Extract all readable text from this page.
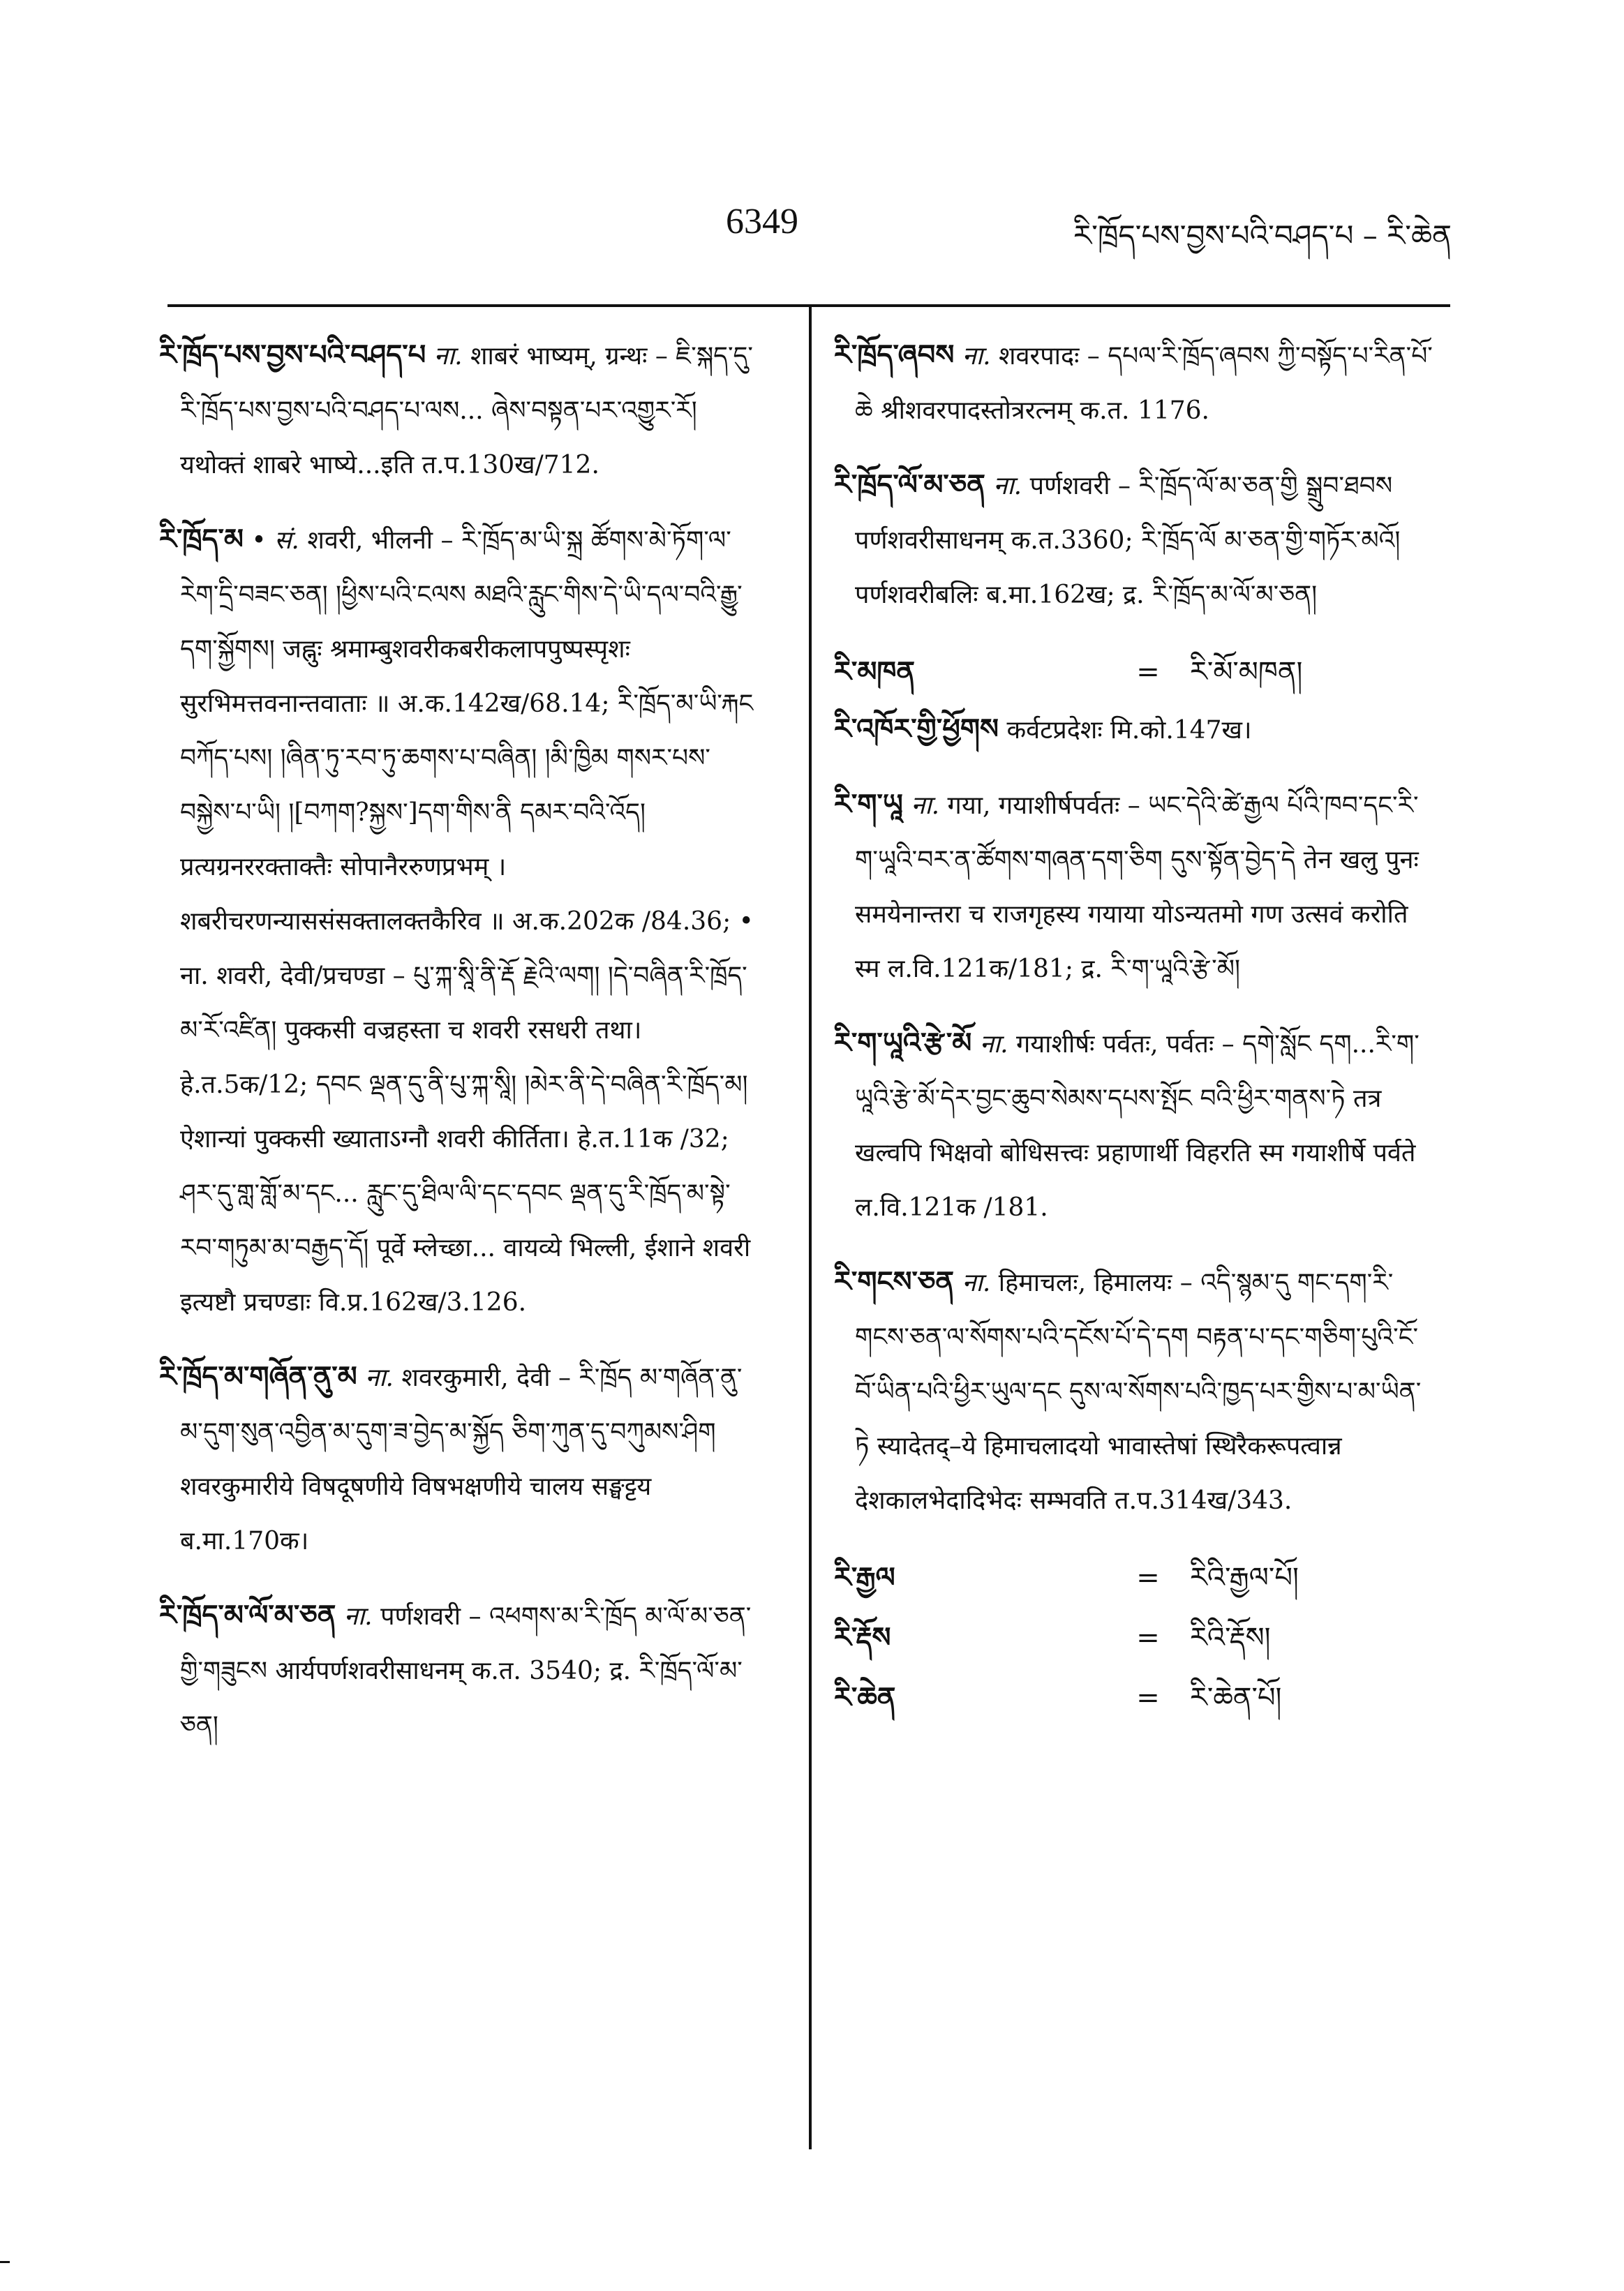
6349	རི་ཁྲོད་པས་བྱས་པའི་བཤད་པ – རི་ཆེན

རི་ཁྲོད་པས་བྱས་པའི་བཤད་པ ना. शाबरं भाष्यम्, ग्रन्थः – ཇི་སྐད་དུ་རི་ཁྲོད་པས་བྱས་པའི་བཤད་པ་ལས... ཞེས་བསྟན་པར་འགྱུར་རོ། यथोक्तं शाबरे भाष्ये...इति त.प.130ख/712.

རི་ཁྲོད་མ • सं. शवरी, भीलनी – རི་ཁྲོད་མ་ཡི་སྐྲ ཚོགས་མེ་ཏོག་ལ་རེག་དྲི་བཟང་ཅན། །ཕྱིས་པའི་ངལས མཐའི་རླུང་གིས་དེ་ཡི་དལ་བའི་རྒྱུ་དག་སྐྱོགས། जह्नुः श्रमाम्बुशवरीकबरीकलापपुष्पस्पृशः सुरभिमत्तवनान्तवाताः ॥ अ.क.142ख/68.14; རི་ཁྲོད་མ་ཡི་རྐང བཀོད་པས། །ཞིན་ཏུ་རབ་ཏུ་ཆགས་པ་བཞིན། །མི་ཁྱིམ གསར་པས་བསྐྱེས་པ་ཡི། །[བཀག?སྐྱས་]དག་གིས་ནི དམར་བའི་འོད། प्रत्यग्रनररक्ताक्तैः सोपानैररुणप्रभम् । शबरीचरणन्याससंसक्तालक्तकैरिव ॥ अ.क.202क /84.36; • ना. शवरी, देवी/प्रचण्डा – པུ་ཀྐ་སཱི་ནི་རྡོ རྗེའི་ལག། །དེ་བཞིན་རི་ཁྲོད་མ་རོ་འཛིན། पुक्कसी वज्रहस्ता च शवरी रसधरी तथा। हे.त.5क/12; དབང ལྡན་དུ་ནི་པུ་ཀྐ་སཱི། །མེར་ནི་དེ་བཞིན་རི་ཁྲོད་མ། ऐशान्यां पुक्कसी ख्याताऽग्नौ शवरी कीर्तिता। हे.त.11क /32; ཤར་དུ་གླ་གློ་མ་དང... རླུང་དུ་ཐིལ་ལི་དང་དབང ལྡན་དུ་རི་ཁྲོད་མ་སྟེ་རབ་གཏུམ་མ་བརྒྱད་དོ། पूर्वे म्लेच्छा... वायव्ये भिल्ली, ईशाने शवरी इत्यष्टौ प्रचण्डाः वि.प्र.162ख/3.126.

རི་ཁྲོད་མ་གཞོན་ནུ་མ ना. शवरकुमारी, देवी – རི་ཁྲོད མ་གཞོན་ནུ་མ་དུག་སུན་འབྱིན་མ་དུག་ཟ་བྱེད་མ་སྐྱོད ཅིག་ཀུན་དུ་བཀུམས་ཤིག शवरकुमारीये विषदूषणीये विषभक्षणीये चालय सङ्घट्टय ब.मा.170क।

རི་ཁྲོད་མ་ལོ་མ་ཅན ना. पर्णशवरी – འཕགས་མ་རི་ཁྲོད མ་ལོ་མ་ཅན་གྱི་གཟུངས आर्यपर्णशवरीसाधनम् क.त. 3540; द्र. རི་ཁྲོད་ལོ་མ་ཅན།

རི་ཁྲོད་ཞབས ना. शवरपादः – དཔལ་རི་ཁྲོད་ཞབས ཀྱི་བསྟོད་པ་རིན་པོ་ཆེ श्रीशवरपादस्तोत्ररत्नम् क.त. 1176.

རི་ཁྲོད་ལོ་མ་ཅན ना. पर्णशवरी – རི་ཁྲོད་ལོ་མ་ཅན་གྱི སྒྲུབ་ཐབས पर्णशवरीसाधनम् क.त.3360; རི་ཁྲོད་ལོ མ་ཅན་གྱི་གཏོར་མའོ། पर्णशवरीबलिः ब.मा.162ख; द्र. རི་ཁྲོད་མ་ལོ་མ་ཅན།

རི་མཁན	=	རི་མོ་མཁན།

རི་འཁོར་གྱི་ཕྱོགས कर्वटप्रदेशः मि.को.147ख।

རི་ག་ཡཱ ना. गया, गयाशीर्षपर्वतः – ཡང་དེའི་ཚེ་རྒྱལ པོའི་ཁབ་དང་རི་ག་ཡཱའི་བར་ན་ཚོགས་གཞན་དག་ཅིག དུས་སྟོན་བྱེད་དེ तेन खलु पुनः समयेनान्तरा च राजगृहस्य गयाया योऽन्यतमो गण उत्सवं करोति स्म ल.वि.121क/181; द्र. རི་ག་ཡཱའི་རྩེ་མོ།

རི་ག་ཡཱའི་རྩེ་མོ ना. गयाशीर्षः पर्वतः, पर्वतः – དགེ་སློང དག...རི་ག་ཡཱའི་རྩེ་མོ་དེར་བྱང་ཆུབ་སེམས་དཔས་སྤོང བའི་ཕྱིར་གནས་ཏེ तत्र खल्वपि भिक्षवो बोधिसत्त्वः प्रहाणार्थी विहरति स्म गयाशीर्षे पर्वते ल.वि.121क /181.

རི་གངས་ཅན ना. हिमाचलः, हिमालयः – འདི་སྙམ་དུ གང་དག་རི་གངས་ཅན་ལ་སོགས་པའི་དངོས་པོ་དེ་དག བརྟན་པ་དང་གཅིག་པུའི་ངོ་བོ་ཡིན་པའི་ཕྱིར་ཡུལ་དང དུས་ལ་སོགས་པའི་ཁྱད་པར་གྱིས་པ་མ་ཡིན་ཏེ स्यादेतद्–ये हिमाचलादयो भावास्तेषां स्थिरैकरूपत्वान्न देशकालभेदादिभेदः सम्भवति त.प.314ख/343.

རི་རྒྱལ	=	རིའི་རྒྱལ་པོ།
རི་རྡོས	=	རིའི་རྡོས།
རི་ཆེན	=	རི་ཆེན་པོ།
